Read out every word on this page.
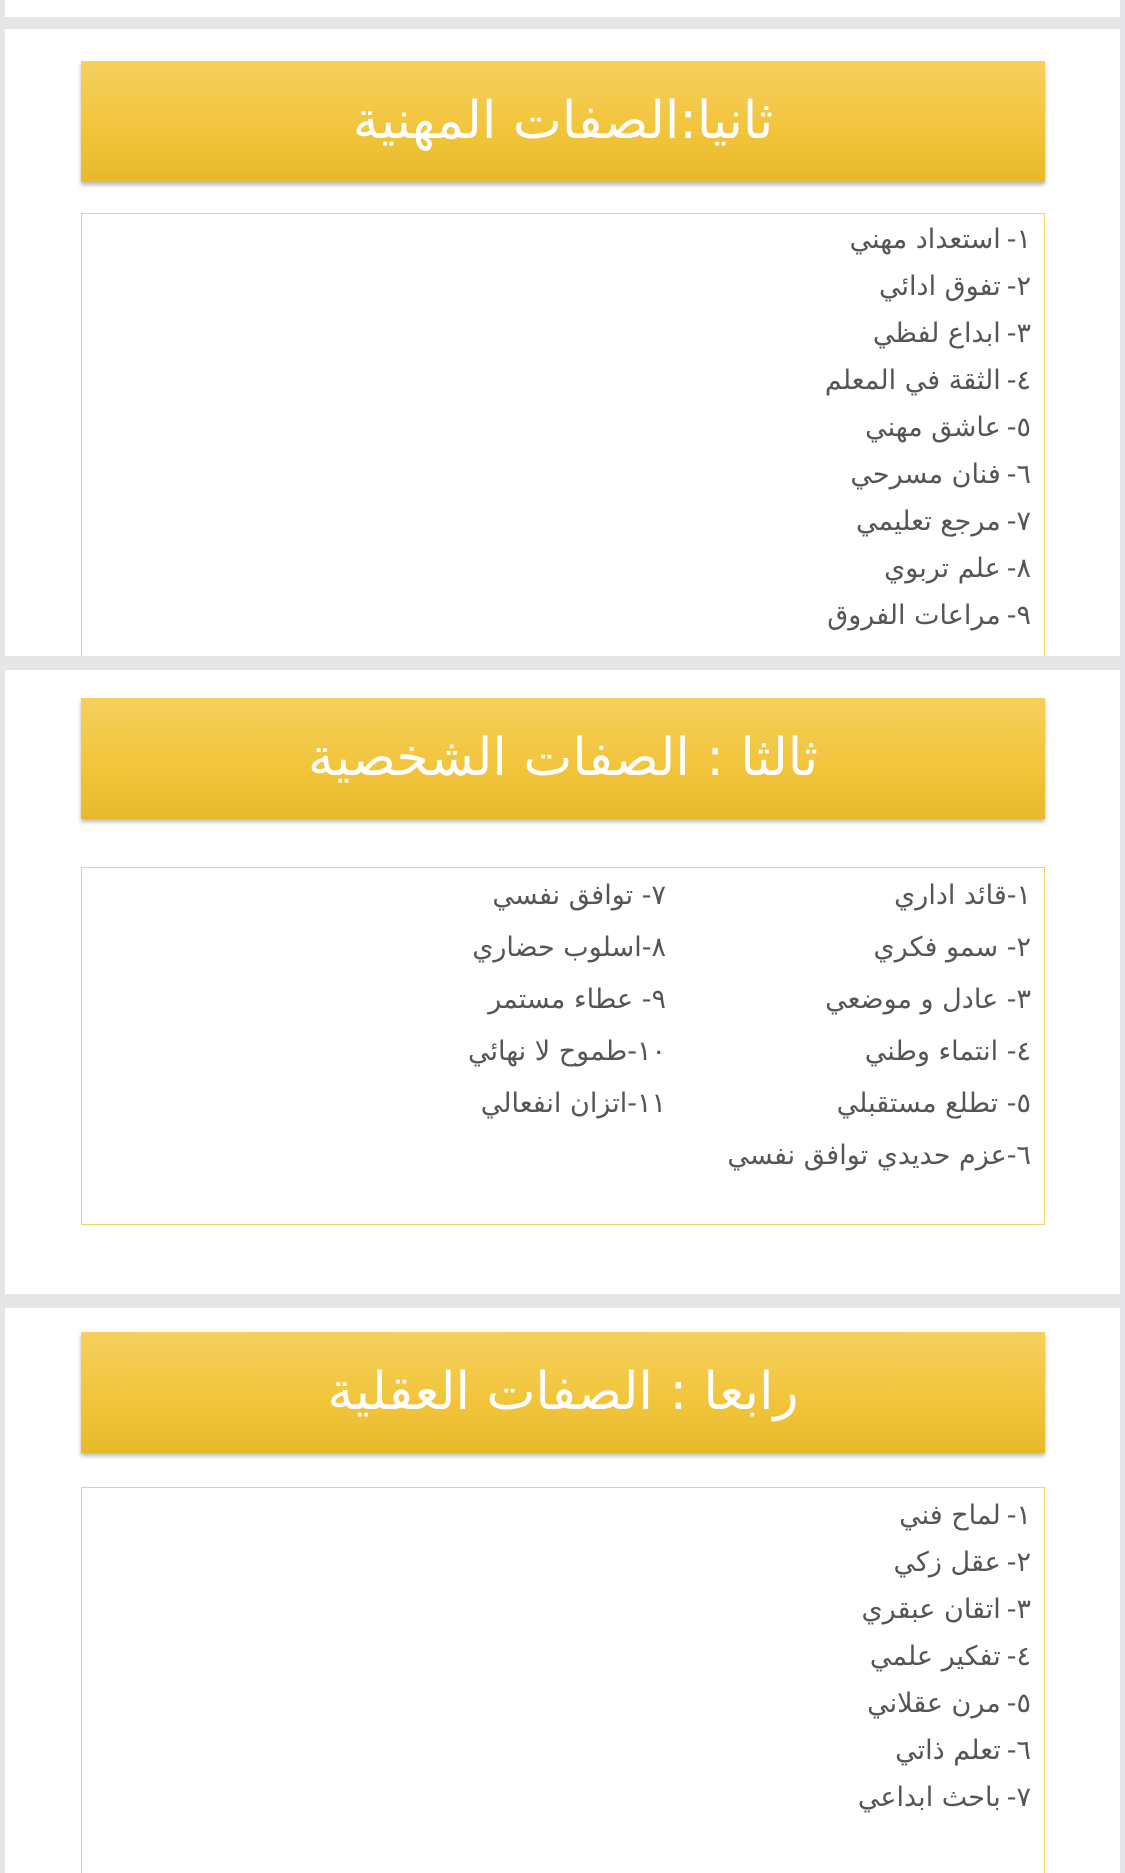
ثانيا:الصفات المهنية
١-استعداد مهني
٢-تفوق ادائي
٣-ابداع لفظي
٤-الثقة في المعلم
٥-عاشق مهني
٦-فنان مسرحي
٧-مرجع تعليمي
٨-علم تربوي
٩-مراعات الفروق
ثالثا : الصفات الشخصية
١-قائد اداري
٢- سمو فكري
٣- عادل و موضعي
٤- انتماء وطني
٥- تطلع مستقبلي
٦-عزم حديدي توافق نفسي
٧- توافق نفسي
٨-اسلوب حضاري
٩- عطاء مستمر
١٠-طموح لا نهائي
١١-اتزان انفعالي
رابعا : الصفات العقلية
١-لماح فني
٢-عقل زكي
٣-اتقان عبقري
٤-تفكير علمي
٥-مرن عقلاني
٦-تعلم ذاتي
٧-باحث ابداعي
